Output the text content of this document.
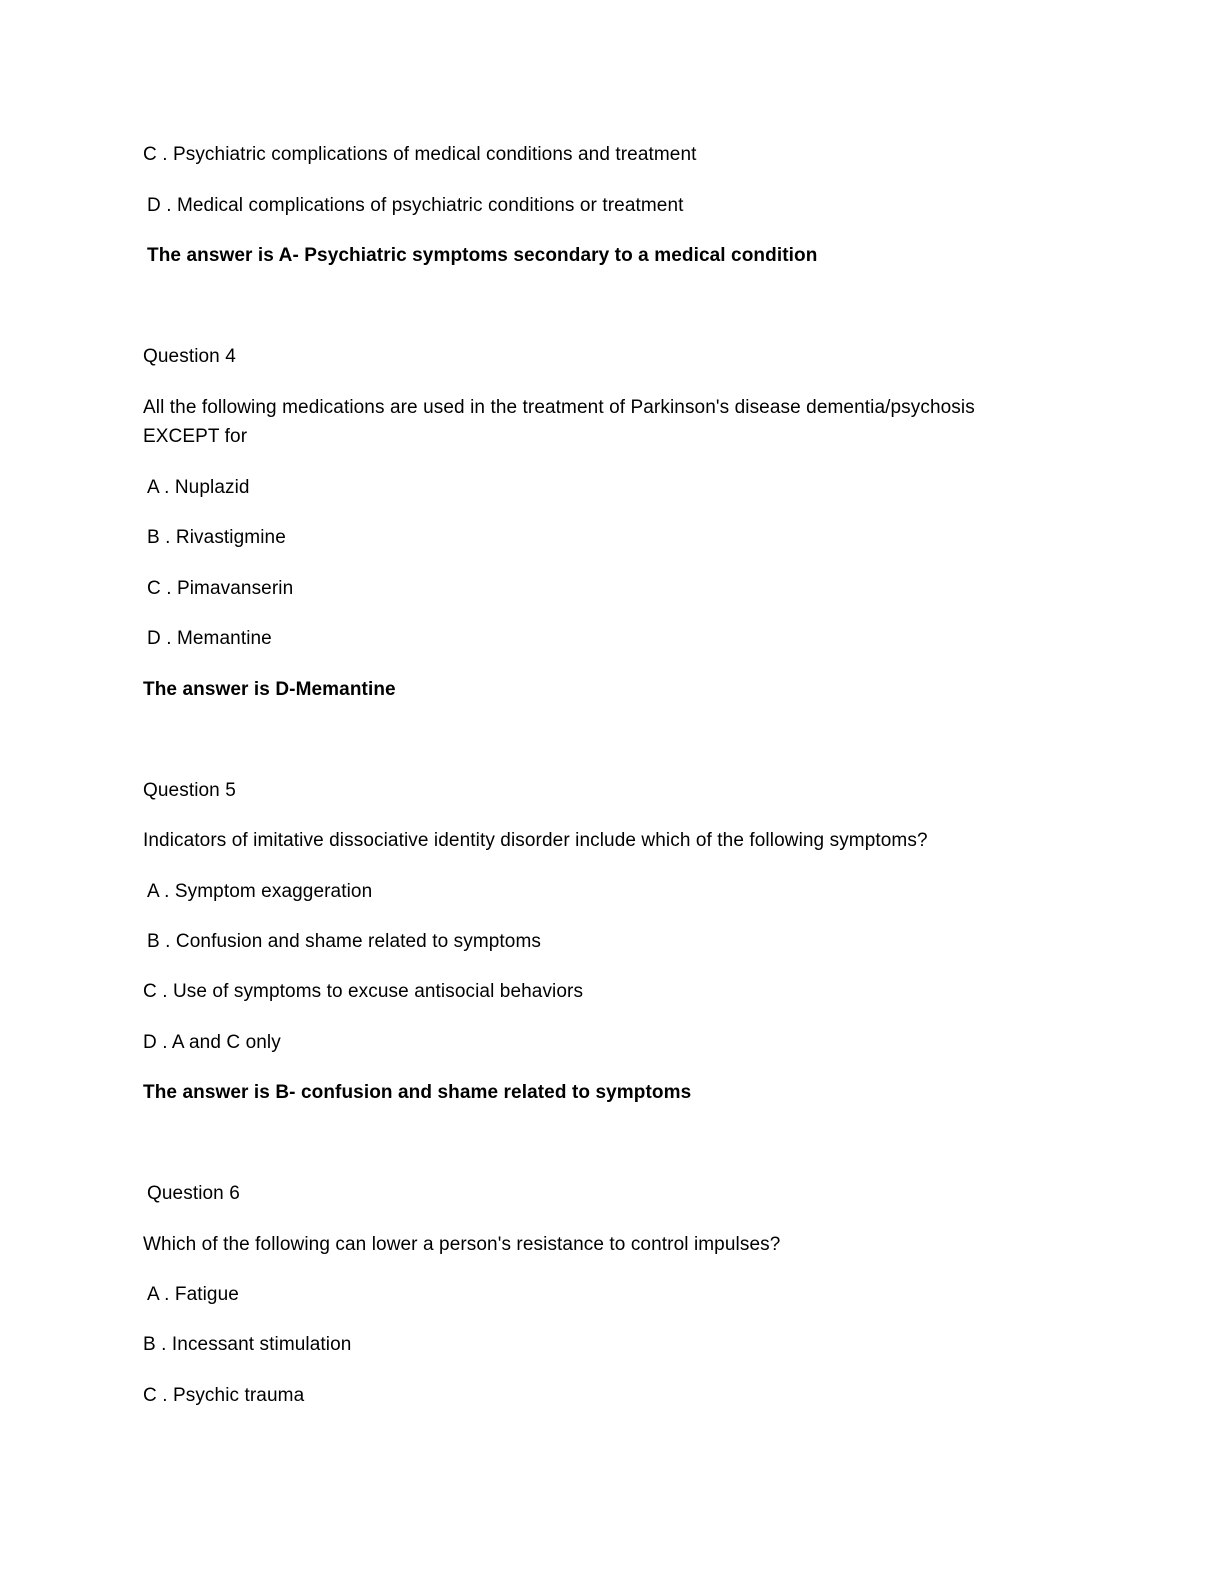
C . Psychiatric complications of medical conditions and treatment
D . Medical complications of psychiatric conditions or treatment
The answer is A- Psychiatric symptoms secondary to a medical condition
Question 4
All the following medications are used in the treatment of Parkinson's disease dementia/psychosis
EXCEPT for
A . Nuplazid
B . Rivastigmine
C . Pimavanserin
D . Memantine
The answer is D-Memantine
Question 5
Indicators of imitative dissociative identity disorder include which of the following symptoms?
A . Symptom exaggeration
B . Confusion and shame related to symptoms
C . Use of symptoms to excuse antisocial behaviors
D . A and C only
The answer is B- confusion and shame related to symptoms
Question 6
Which of the following can lower a person's resistance to control impulses?
A . Fatigue
B . Incessant stimulation
C . Psychic trauma
